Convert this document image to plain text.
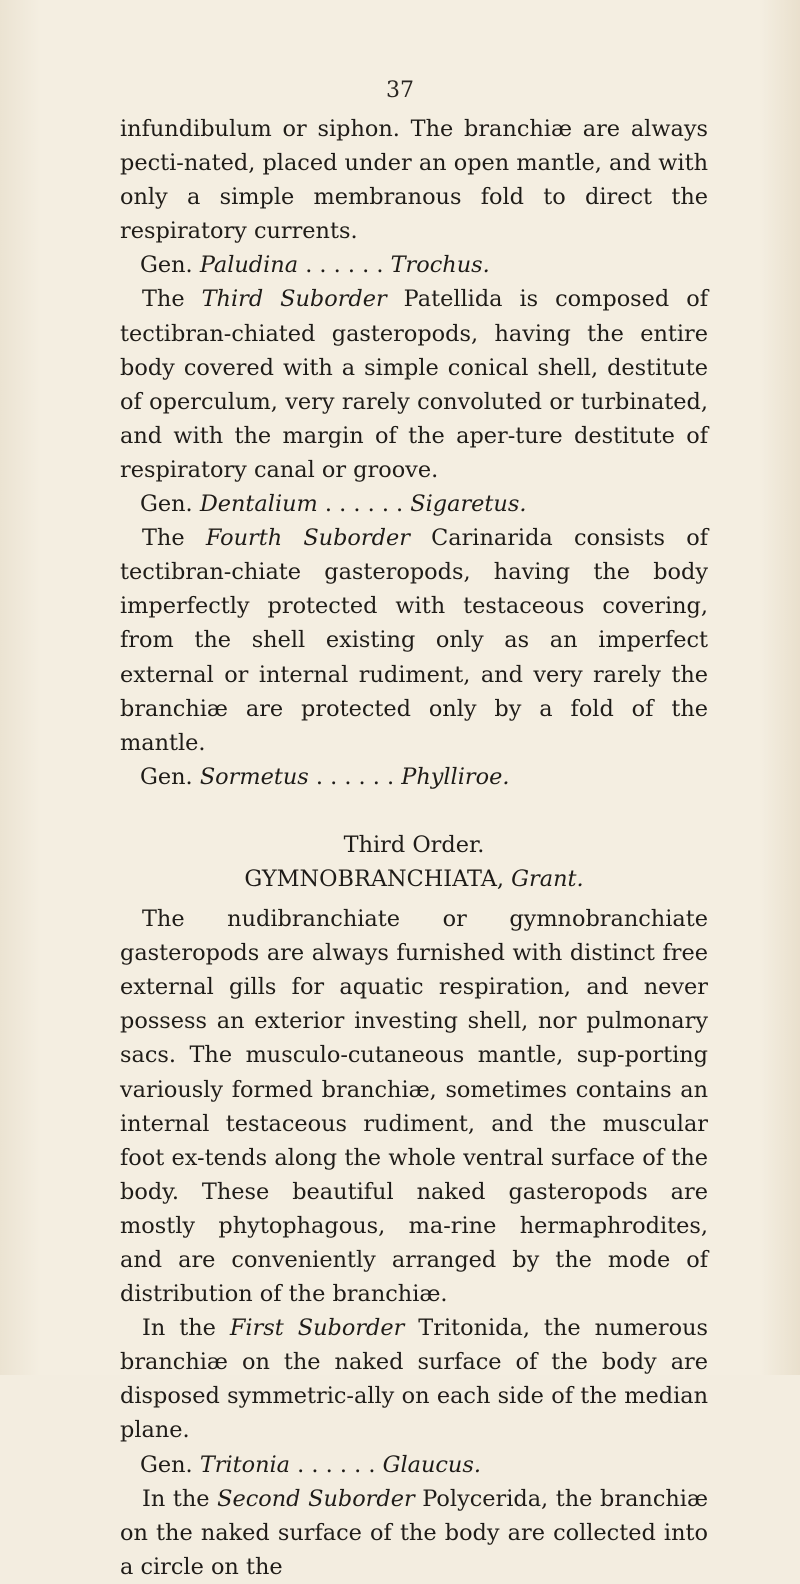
37

infundibulum or siphon. The branchiæ are always pecti-nated, placed under an open mantle, and with only a simple membranous fold to direct the respiratory currents.

Gen. Paludina . . . . . . Trochus.

The Third Suborder Patellida is composed of tectibran-chiated gasteropods, having the entire body covered with a simple conical shell, destitute of operculum, very rarely convoluted or turbinated, and with the margin of the aper-ture destitute of respiratory canal or groove.

Gen. Dentalium . . . . . . Sigaretus.

The Fourth Suborder Carinarida consists of tectibran-chiate gasteropods, having the body imperfectly protected with testaceous covering, from the shell existing only as an imperfect external or internal rudiment, and very rarely the branchiæ are protected only by a fold of the mantle.

Gen. Sormetus . . . . . . Phylliroe.

Third Order.

GYMNOBRANCHIATA, Grant.

The nudibranchiate or gymnobranchiate gasteropods are always furnished with distinct free external gills for aquatic respiration, and never possess an exterior investing shell, nor pulmonary sacs. The musculo-cutaneous mantle, sup-porting variously formed branchiæ, sometimes contains an internal testaceous rudiment, and the muscular foot ex-tends along the whole ventral surface of the body. These beautiful naked gasteropods are mostly phytophagous, ma-rine hermaphrodites, and are conveniently arranged by the mode of distribution of the branchiæ.

In the First Suborder Tritonida, the numerous branchiæ on the naked surface of the body are disposed symmetric-ally on each side of the median plane.

Gen. Tritonia . . . . . . Glaucus.

In the Second Suborder Polycerida, the branchiæ on the naked surface of the body are collected into a circle on the
